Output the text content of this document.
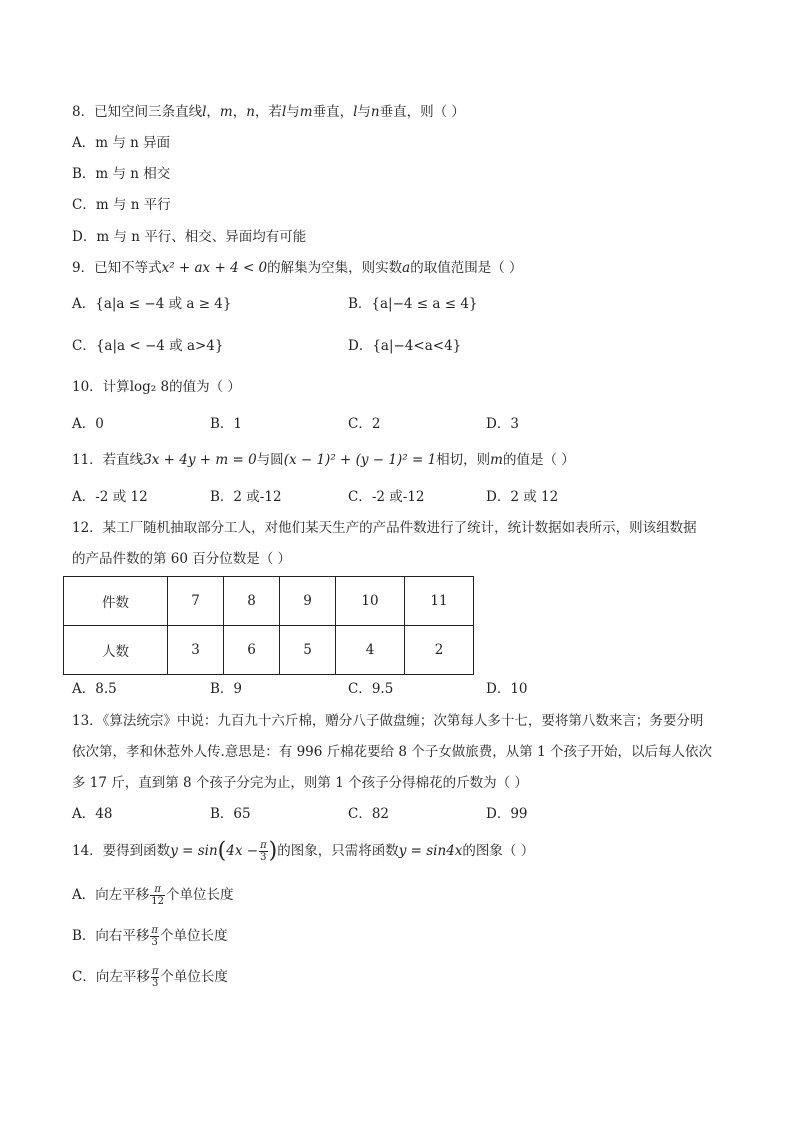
8．已知空间三条直线l，m，n，若l与m垂直，l与n垂直，则（ ）
A．m 与 n 异面
B．m 与 n 相交
C．m 与 n 平行
D．m 与 n 平行、相交、异面均有可能
9．已知不等式x² + ax + 4 < 0的解集为空集，则实数a的取值范围是（ ）
A．{a|a ≤ −4 或 a ≥ 4}	B．{a|−4 ≤ a ≤ 4}
C．{a|a < −4 或 a>4}	D．{a|−4<a<4}
10．计算log₂ 8的值为（ ）
A．0	B．1	C．2	D．3
11．若直线3x + 4y + m = 0与圆(x − 1)² + (y − 1)² = 1相切，则m的值是（ ）
A．-2 或 12	B．2 或-12	C．-2 或-12	D．2 或 12
12．某工厂随机抽取部分工人，对他们某天生产的产品件数进行了统计，统计数据如表所示，则该组数据
的产品件数的第 60 百分位数是（ ）
件数	7	8	9	10	11
人数	3	6	5	4	2
A．8.5	B．9	C．9.5	D．10
13．《算法统宗》中说：九百九十六斤棉，赠分八子做盘缠；次第每人多十七，要将第八数来言；务要分明
依次第，孝和休惹外人传.意思是：有 996 斤棉花要给 8 个子女做旅费，从第 1 个孩子开始，以后每人依次
多 17 斤，直到第 8 个孩子分完为止，则第 1 个孩子分得棉花的斤数为（ ）
A．48	B．65	C．82	D．99
14．要得到函数$y = \sin(4x - \frac{\pi}{3}$ )的图象，只需将函数y = sin4x的图象（ ）
A．向左平移 $\frac{\pi}{12}$ 个单位长度
B．向右平移 $\frac{\pi}{3}$ 个单位长度
C．向左平移 $\frac{\pi}{3}$ 个单位长度
